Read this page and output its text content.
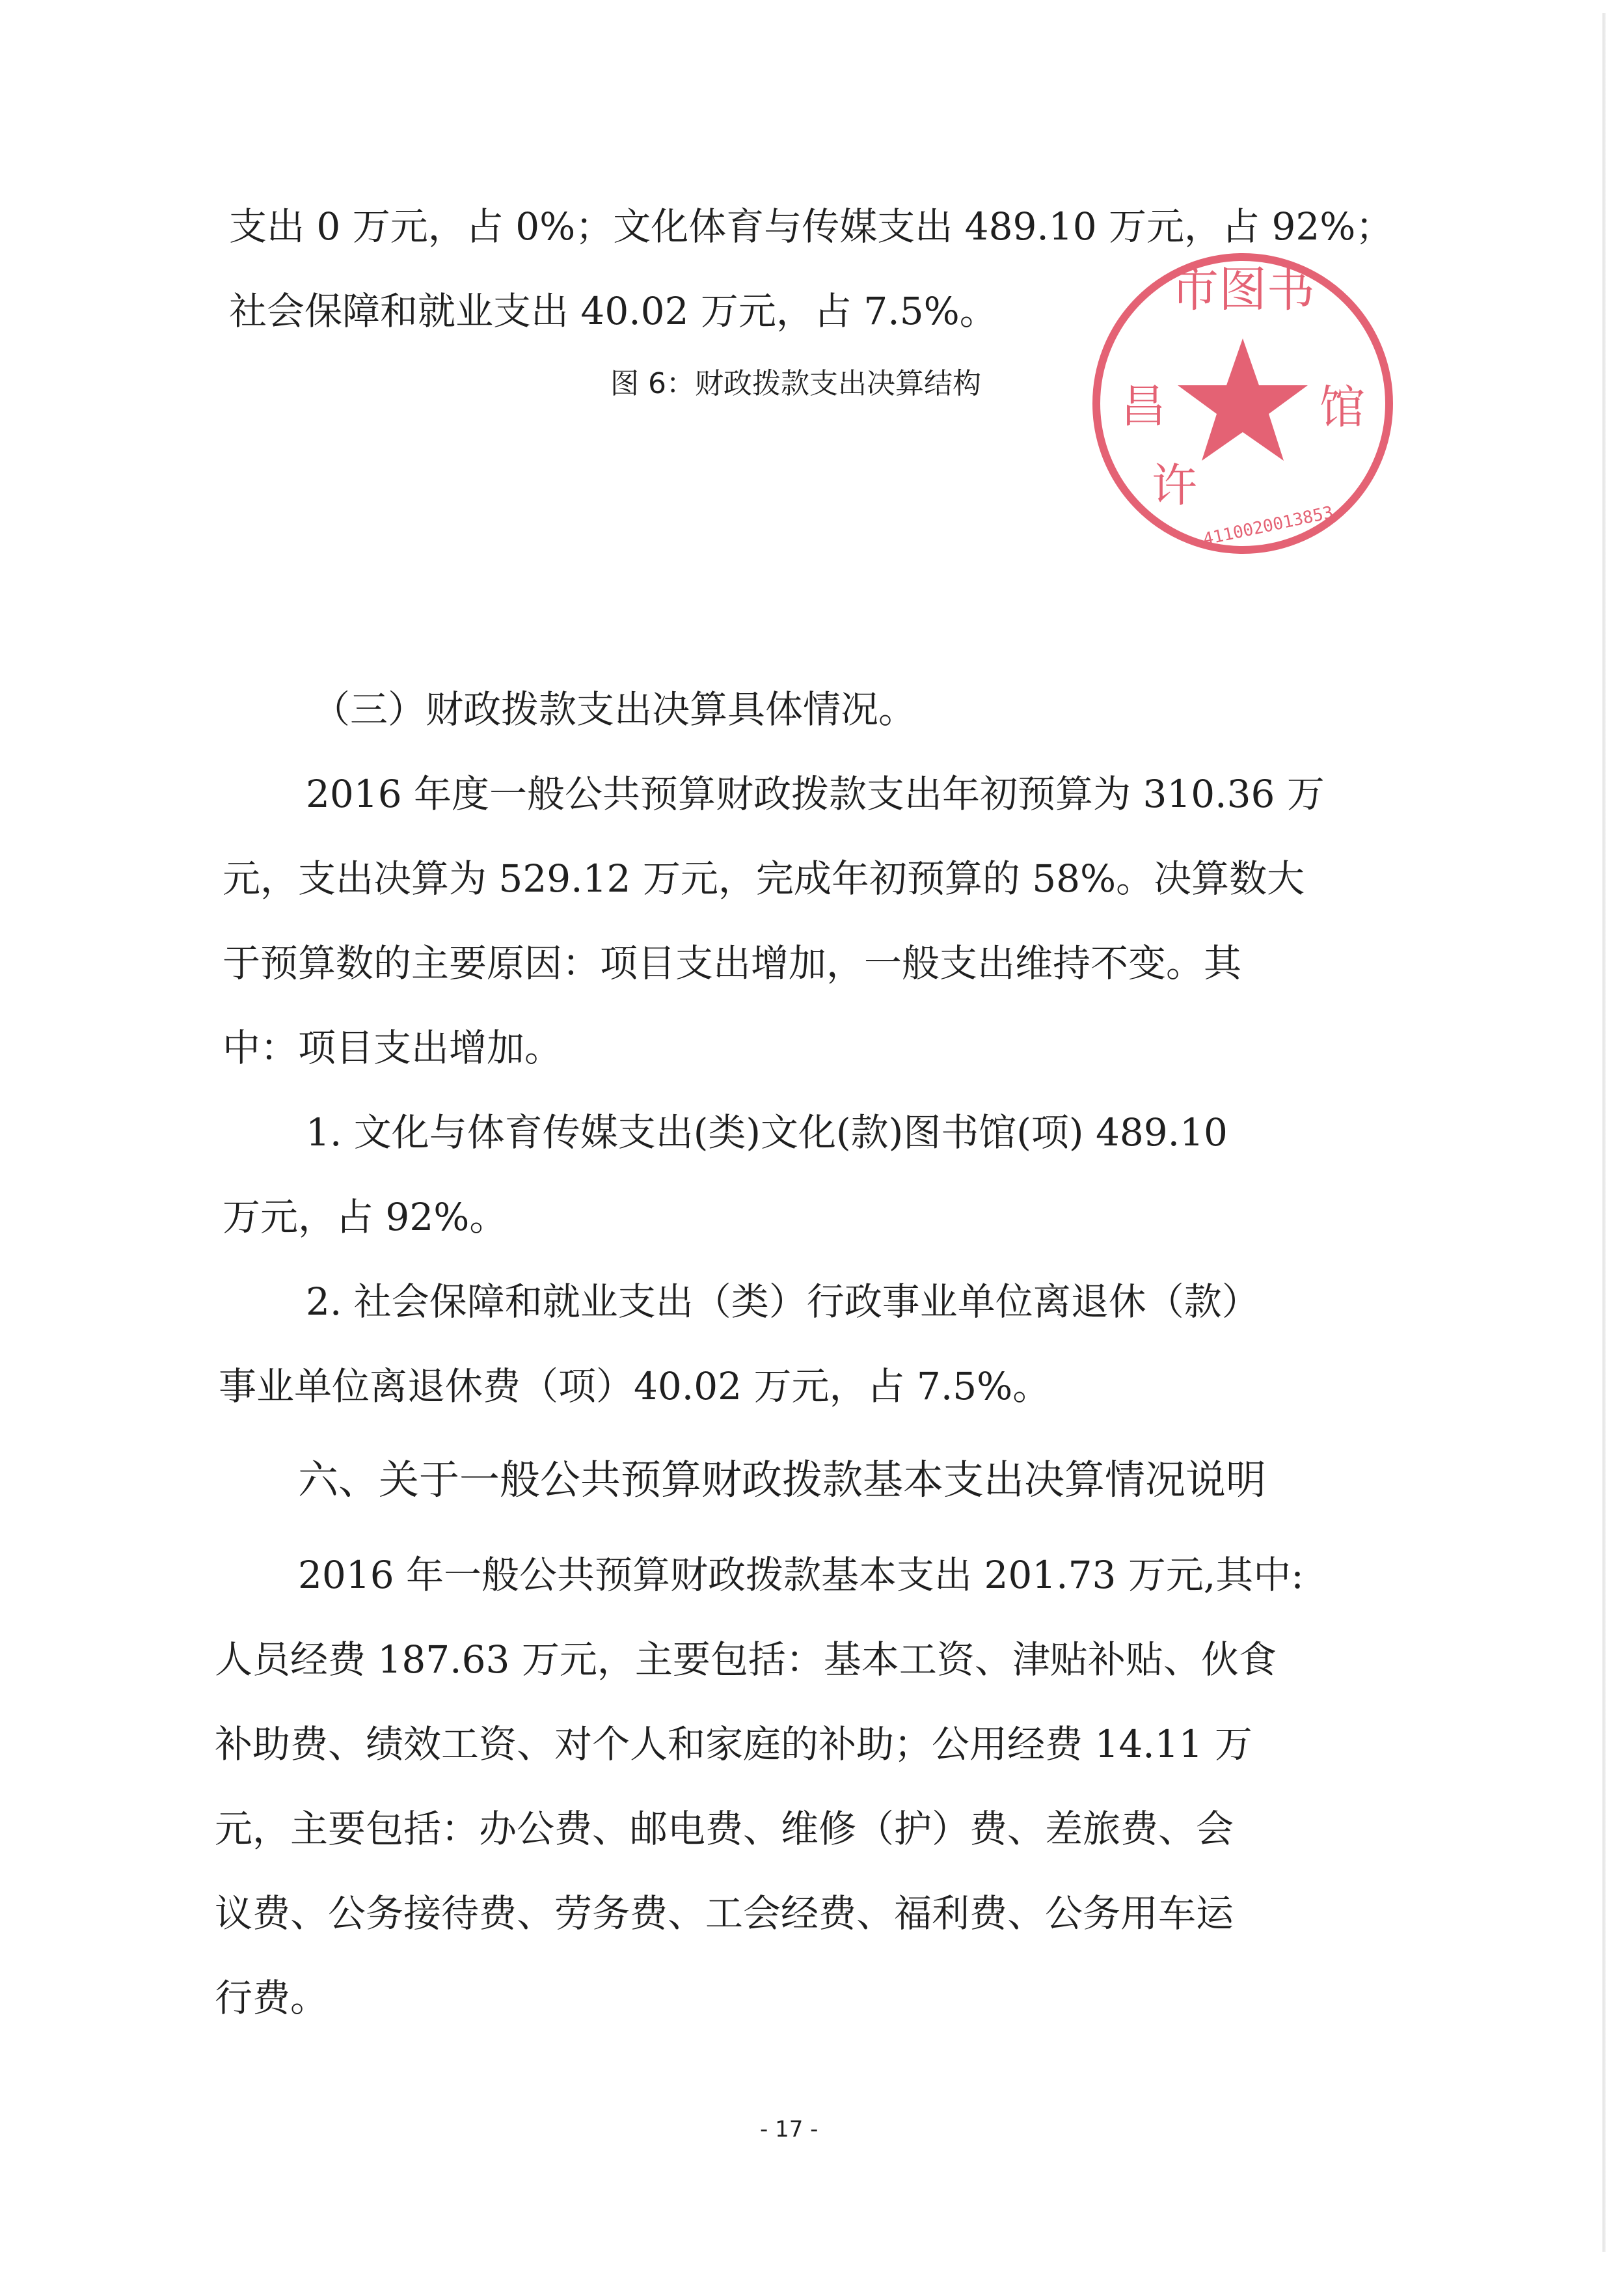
支出 0 万元，占 0%；文化体育与传媒支出 489.10 万元，占 92%；

社会保障和就业支出 40.02 万元，占 7.5%。

图 6：财政拨款支出决算结构

市图书
昌	馆
许
4110020013853

（三）财政拨款支出决算具体情况。

2016 年度一般公共预算财政拨款支出年初预算为 310.36 万

元，支出决算为 529.12 万元，完成年初预算的 58%。决算数大

于预算数的主要原因：项目支出增加，一般支出维持不变。其

中：项目支出增加。

1. 文化与体育传媒支出(类)文化(款)图书馆(项) 489.10

万元，占 92%。

2. 社会保障和就业支出（类）行政事业单位离退休（款）

事业单位离退休费（项）40.02 万元，占 7.5%。

六、关于一般公共预算财政拨款基本支出决算情况说明

2016 年一般公共预算财政拨款基本支出 201.73 万元,其中:

人员经费 187.63 万元，主要包括：基本工资、津贴补贴、伙食

补助费、绩效工资、对个人和家庭的补助；公用经费 14.11 万

元，主要包括：办公费、邮电费、维修（护）费、差旅费、会

议费、公务接待费、劳务费、工会经费、福利费、公务用车运

行费。

- 17 -
